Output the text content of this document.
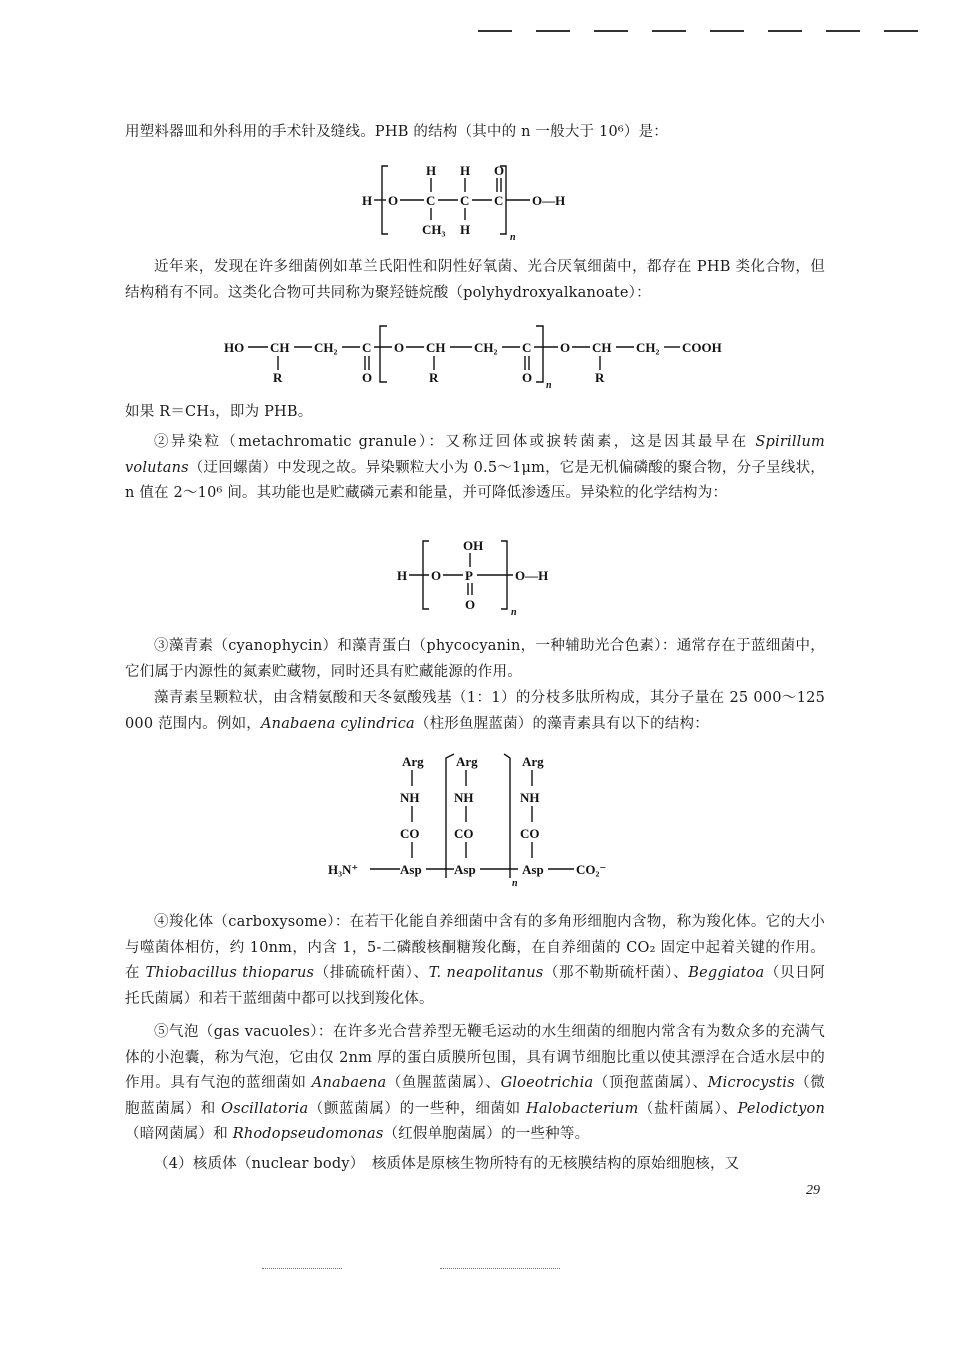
用塑料器皿和外科用的手术针及缝线。PHB 的结构（其中的 n 一般大于 10⁶）是：

H O C
H
CH₃
C
H
H
C
O
n
O—H

近年来，发现在许多细菌例如革兰氏阳性和阴性好氧菌、光合厌氧细菌中，都存在 PHB 类化合物，但结构稍有不同。这类化合物可共同称为聚羟链烷酸（polyhydroxyalkanoate）：

HO CH
R
CH₂ C
O
O CH
R
CH₂ C
O
n
O CH
R
CH₂ COOH

如果 R＝CH₃，即为 PHB。

②异染粒（metachromatic granule）：又称迂回体或捩转菌素，这是因其最早在 Spirillum volutans（迂回螺菌）中发现之故。异染颗粒大小为 0.5～1μm，它是无机偏磷酸的聚合物，分子呈线状，n 值在 2～10⁶ 间。其功能也是贮藏磷元素和能量，并可降低渗透压。异染粒的化学结构为：

H O P
OH
O
n
O—H

③藻青素（cyanophycin）和藻青蛋白（phycocyanin，一种辅助光合色素）：通常存在于蓝细菌中，它们属于内源性的氮素贮藏物，同时还具有贮藏能源的作用。

藻青素呈颗粒状，由含精氨酸和天冬氨酸残基（1：1）的分枝多肽所构成，其分子量在 25 000～125 000 范围内。例如，Anabaena cylindrica（柱形鱼腥蓝菌）的藻青素具有以下的结构：

Arg
NH
CO
Arg
NH
CO
Arg
NH
CO
H₃N⁺	Asp Asp
n
Asp CO₂⁻

④羧化体（carboxysome）：在若干化能自养细菌中含有的多角形细胞内含物，称为羧化体。它的大小与噬菌体相仿，约 10nm，内含 1，5-二磷酸核酮糖羧化酶，在自养细菌的 CO₂ 固定中起着关键的作用。在 Thiobacillus thioparus（排硫硫杆菌）、T. neapolitanus（那不勒斯硫杆菌）、Beggiatoa（贝日阿托氏菌属）和若干蓝细菌中都可以找到羧化体。

⑤气泡（gas vacuoles）：在许多光合营养型无鞭毛运动的水生细菌的细胞内常含有为数众多的充满气体的小泡囊，称为气泡，它由仅 2nm 厚的蛋白质膜所包围，具有调节细胞比重以使其漂浮在合适水层中的作用。具有气泡的蓝细菌如 Anabaena（鱼腥蓝菌属）、Gloeotrichia（顶孢蓝菌属）、Microcystis（微胞蓝菌属）和 Oscillatoria（颤蓝菌属）的一些种，细菌如 Halobacterium（盐杆菌属）、Pelodictyon（暗网菌属）和 Rhodopseudomonas（红假单胞菌属）的一些种等。

（4）核质体（nuclear body）　核质体是原核生物所特有的无核膜结构的原始细胞核，又

29
